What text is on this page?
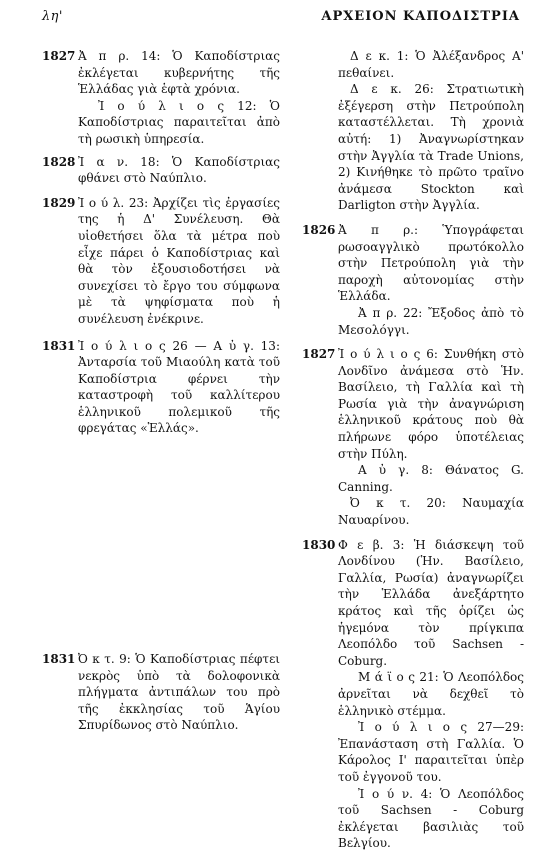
λη'	ΑΡΧΕΙΟΝ ΚΑΠΟΔΙΣΤΡΙΑ
1827 Ἀ π ρ. 14: Ὁ Καποδίστριας ἐκλέγεται κυβερνήτης τῆς Ἑλλάδας γιὰ ἑφτὰ χρόνια.

Ἰ ο ύ λ ι ο ς 12: Ὁ Καποδίστριας παραιτεῖται ἀπὸ τὴ ρωσικὴ ὑπηρεσία.

1828 Ἰ α ν. 18: Ὁ Καποδίστριας φθάνει στὸ Ναύπλιο.

1829 Ἰ ο ύ λ. 23: Ἀρχίζει τὶς ἐργασίες της ἡ Δ' Συνέλευση. Θὰ υἱοθετήσει ὅλα τὰ μέτρα ποὺ εἶχε πάρει ὁ Καποδίστριας καὶ θὰ τὸν ἐξουσιοδοτήσει νὰ συνεχίσει τὸ ἔργο του σύμφωνα μὲ τὰ ψηφίσματα ποὺ ἡ συνέλευση ἐνέκρινε.

1831 Ἰ ο ύ λ ι ο ς 26 — Α ὐ γ. 13: Ἀνταρσία τοῦ Μιαούλη κατὰ τοῦ Καποδίστρια φέρνει τὴν καταστροφὴ τοῦ καλλίτερου ἑλληνικοῦ πολεμικοῦ τῆς φρεγάτας «Ἑλλάς».

1831 Ὀ κ τ. 9: Ὁ Καποδίστριας πέφτει νεκρὸς ὑπὸ τὰ δολοφονικὰ πλήγματα ἀντιπάλων του πρὸ τῆς ἐκκλησίας τοῦ Ἁγίου Σπυρίδωνος στὸ Ναύπλιο.

Δ ε κ. 1: Ὁ Ἀλέξανδρος Α' πεθαίνει.

Δ ε κ. 26: Στρατιωτικὴ ἐξέγερση στὴν Πετρούπολη καταστέλλεται. Τὴ χρονιὰ αὐτή: 1) Ἀναγνωρίστηκαν στὴν Ἀγγλία τὰ Trade Unions, 2) Κινήθηκε τὸ πρῶτο τραῖνο ἀνάμεσα Stockton καὶ Darligton στὴν Ἀγγλία.

1826 Ἀ π ρ.: Ὑπογράφεται ρωσοαγγλικὸ πρωτόκολλο στὴν Πετρούπολη γιὰ τὴν παροχὴ αὐτονομίας στὴν Ἑλλάδα.

Ἀ π ρ. 22: Ἔξοδος ἀπὸ τὸ Μεσολόγγι.

1827 Ἰ ο ύ λ ι ο ς 6: Συνθήκη στὸ Λονδῖνο ἀνάμεσα στὸ Ἡν. Βασίλειο, τὴ Γαλλία καὶ τὴ Ρωσία γιὰ τὴν ἀναγνώριση ἑλληνικοῦ κράτους ποὺ θὰ πλήρωνε φόρο ὑποτέλειας στὴν Πύλη.

Α ὐ γ. 8: Θάνατος G. Canning.

Ὀ κ τ. 20: Ναυμαχία Ναυαρίνου.

1830 Φ ε β. 3: Ἡ διάσκεψη τοῦ Λονδίνου (Ἡν. Βασίλειο, Γαλλία, Ρωσία) ἀναγνωρίζει τὴν Ἑλλάδα ἀνεξάρτητο κράτος καὶ τῆς ὁρίζει ὡς ἡγεμόνα τὸν πρίγκιπα Λεοπόλδο τοῦ Sachsen - Coburg.

Μ ά ϊ ο ς 21: Ὁ Λεοπόλδος ἀρνεῖται νὰ δεχθεῖ τὸ ἑλληνικὸ στέμμα.

Ἰ ο ύ λ ι ο ς 27—29: Ἐπανάσταση στὴ Γαλλία. Ὁ Κάρολος Ι' παραιτεῖται ὑπὲρ τοῦ ἐγγονοῦ του.

Ἰ ο ύ ν. 4: Ὁ Λεοπόλδος τοῦ Sachsen - Coburg ἐκλέγεται βασιλιὰς τοῦ Βελγίου.
